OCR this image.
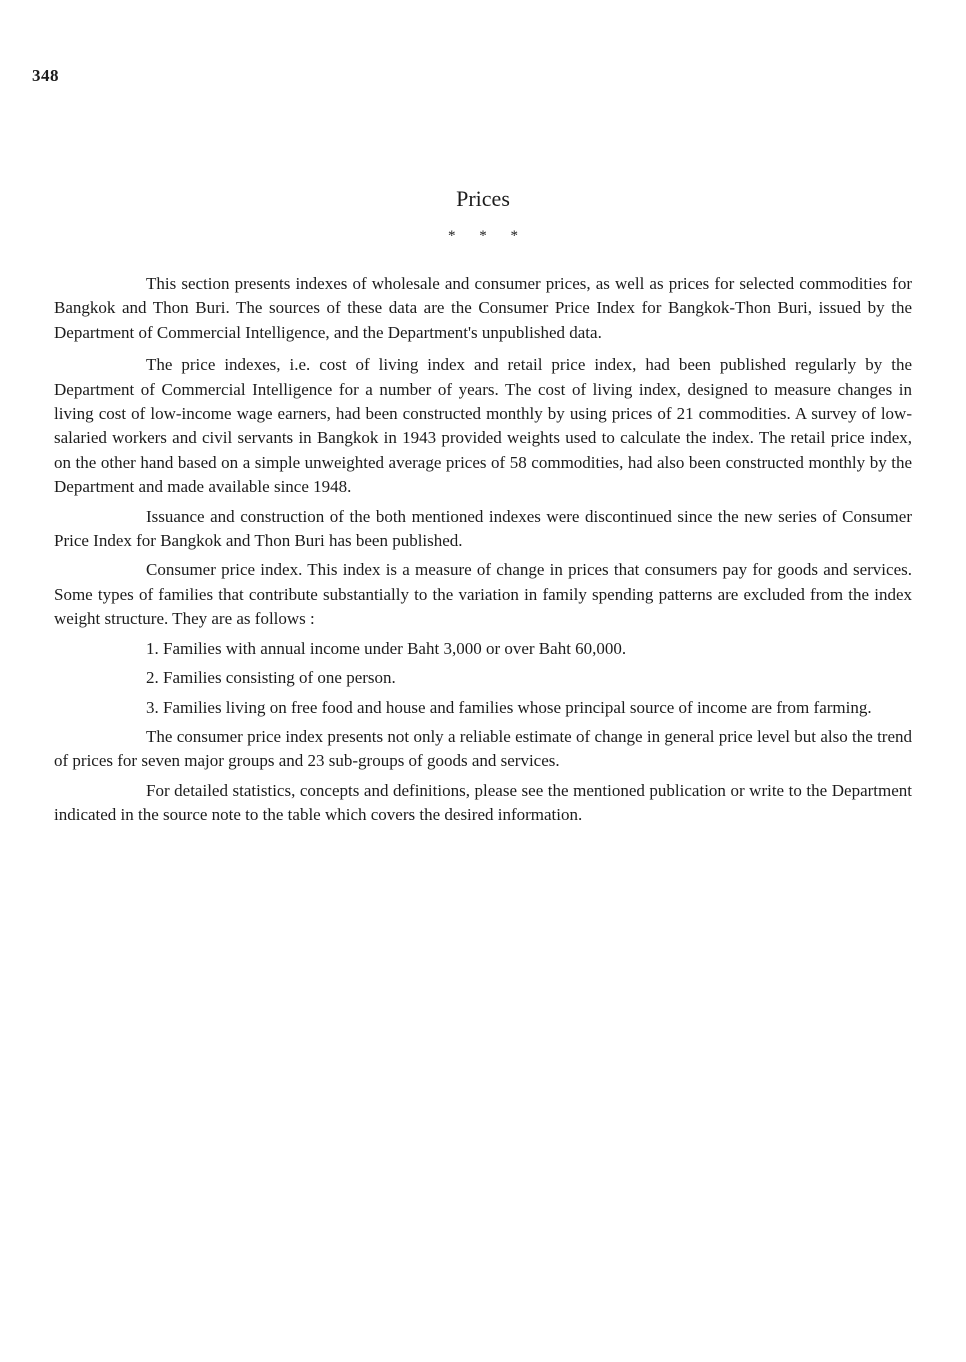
348
Prices
* * *

This section presents indexes of wholesale and consumer prices, as well as prices for selected commodities for Bangkok and Thon Buri. The sources of these data are the Consumer Price Index for Bangkok-Thon Buri, issued by the Department of Commercial Intelligence, and the Department's unpublished data.

The price indexes, i.e. cost of living index and retail price index, had been published regularly by the Department of Commercial Intelligence for a number of years. The cost of living index, designed to measure changes in living cost of low-income wage earners, had been constructed monthly by using prices of 21 commodities. A survey of low-salaried workers and civil servants in Bangkok in 1943 provided weights used to calculate the index. The retail price index, on the other hand based on a simple unweighted average prices of 58 commodities, had also been constructed monthly by the Department and made available since 1948.

Issuance and construction of the both mentioned indexes were discontinued since the new series of Consumer Price Index for Bangkok and Thon Buri has been published.

Consumer price index. This index is a measure of change in prices that consumers pay for goods and services. Some types of families that contribute substantially to the variation in family spending patterns are excluded from the index weight structure. They are as follows :

1. Families with annual income under Baht 3,000 or over Baht 60,000.

2. Families consisting of one person.

3. Families living on free food and house and families whose principal source of income are from farming.

The consumer price index presents not only a reliable estimate of change in general price level but also the trend of prices for seven major groups and 23 sub-groups of goods and services.

For detailed statistics, concepts and definitions, please see the mentioned publication or write to the Department indicated in the source note to the table which covers the desired information.
